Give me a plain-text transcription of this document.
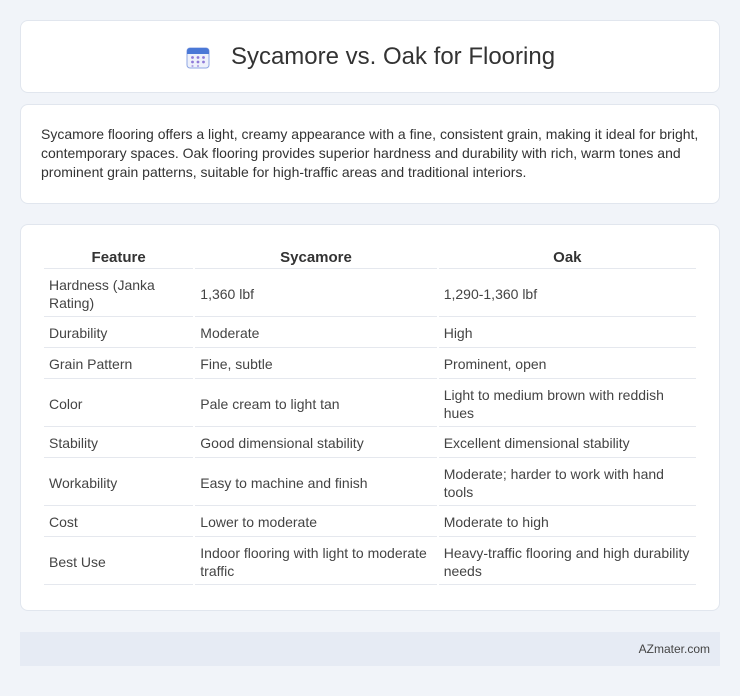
Sycamore vs. Oak for Flooring

Sycamore flooring offers a light, creamy appearance with a fine, consistent grain, making it ideal for bright, contemporary spaces. Oak flooring provides superior hardness and durability with rich, warm tones and prominent grain patterns, suitable for high-traffic areas and traditional interiors.

Feature	Sycamore	Oak
Hardness (Janka Rating)	1,360 lbf	1,290-1,360 lbf
Durability	Moderate	High
Grain Pattern	Fine, subtle	Prominent, open
Color	Pale cream to light tan	Light to medium brown with reddish hues
Stability	Good dimensional stability	Excellent dimensional stability
Workability	Easy to machine and finish	Moderate; harder to work with hand tools
Cost	Lower to moderate	Moderate to high
Best Use	Indoor flooring with light to moderate traffic	Heavy-traffic flooring and high durability needs
AZmater.com
